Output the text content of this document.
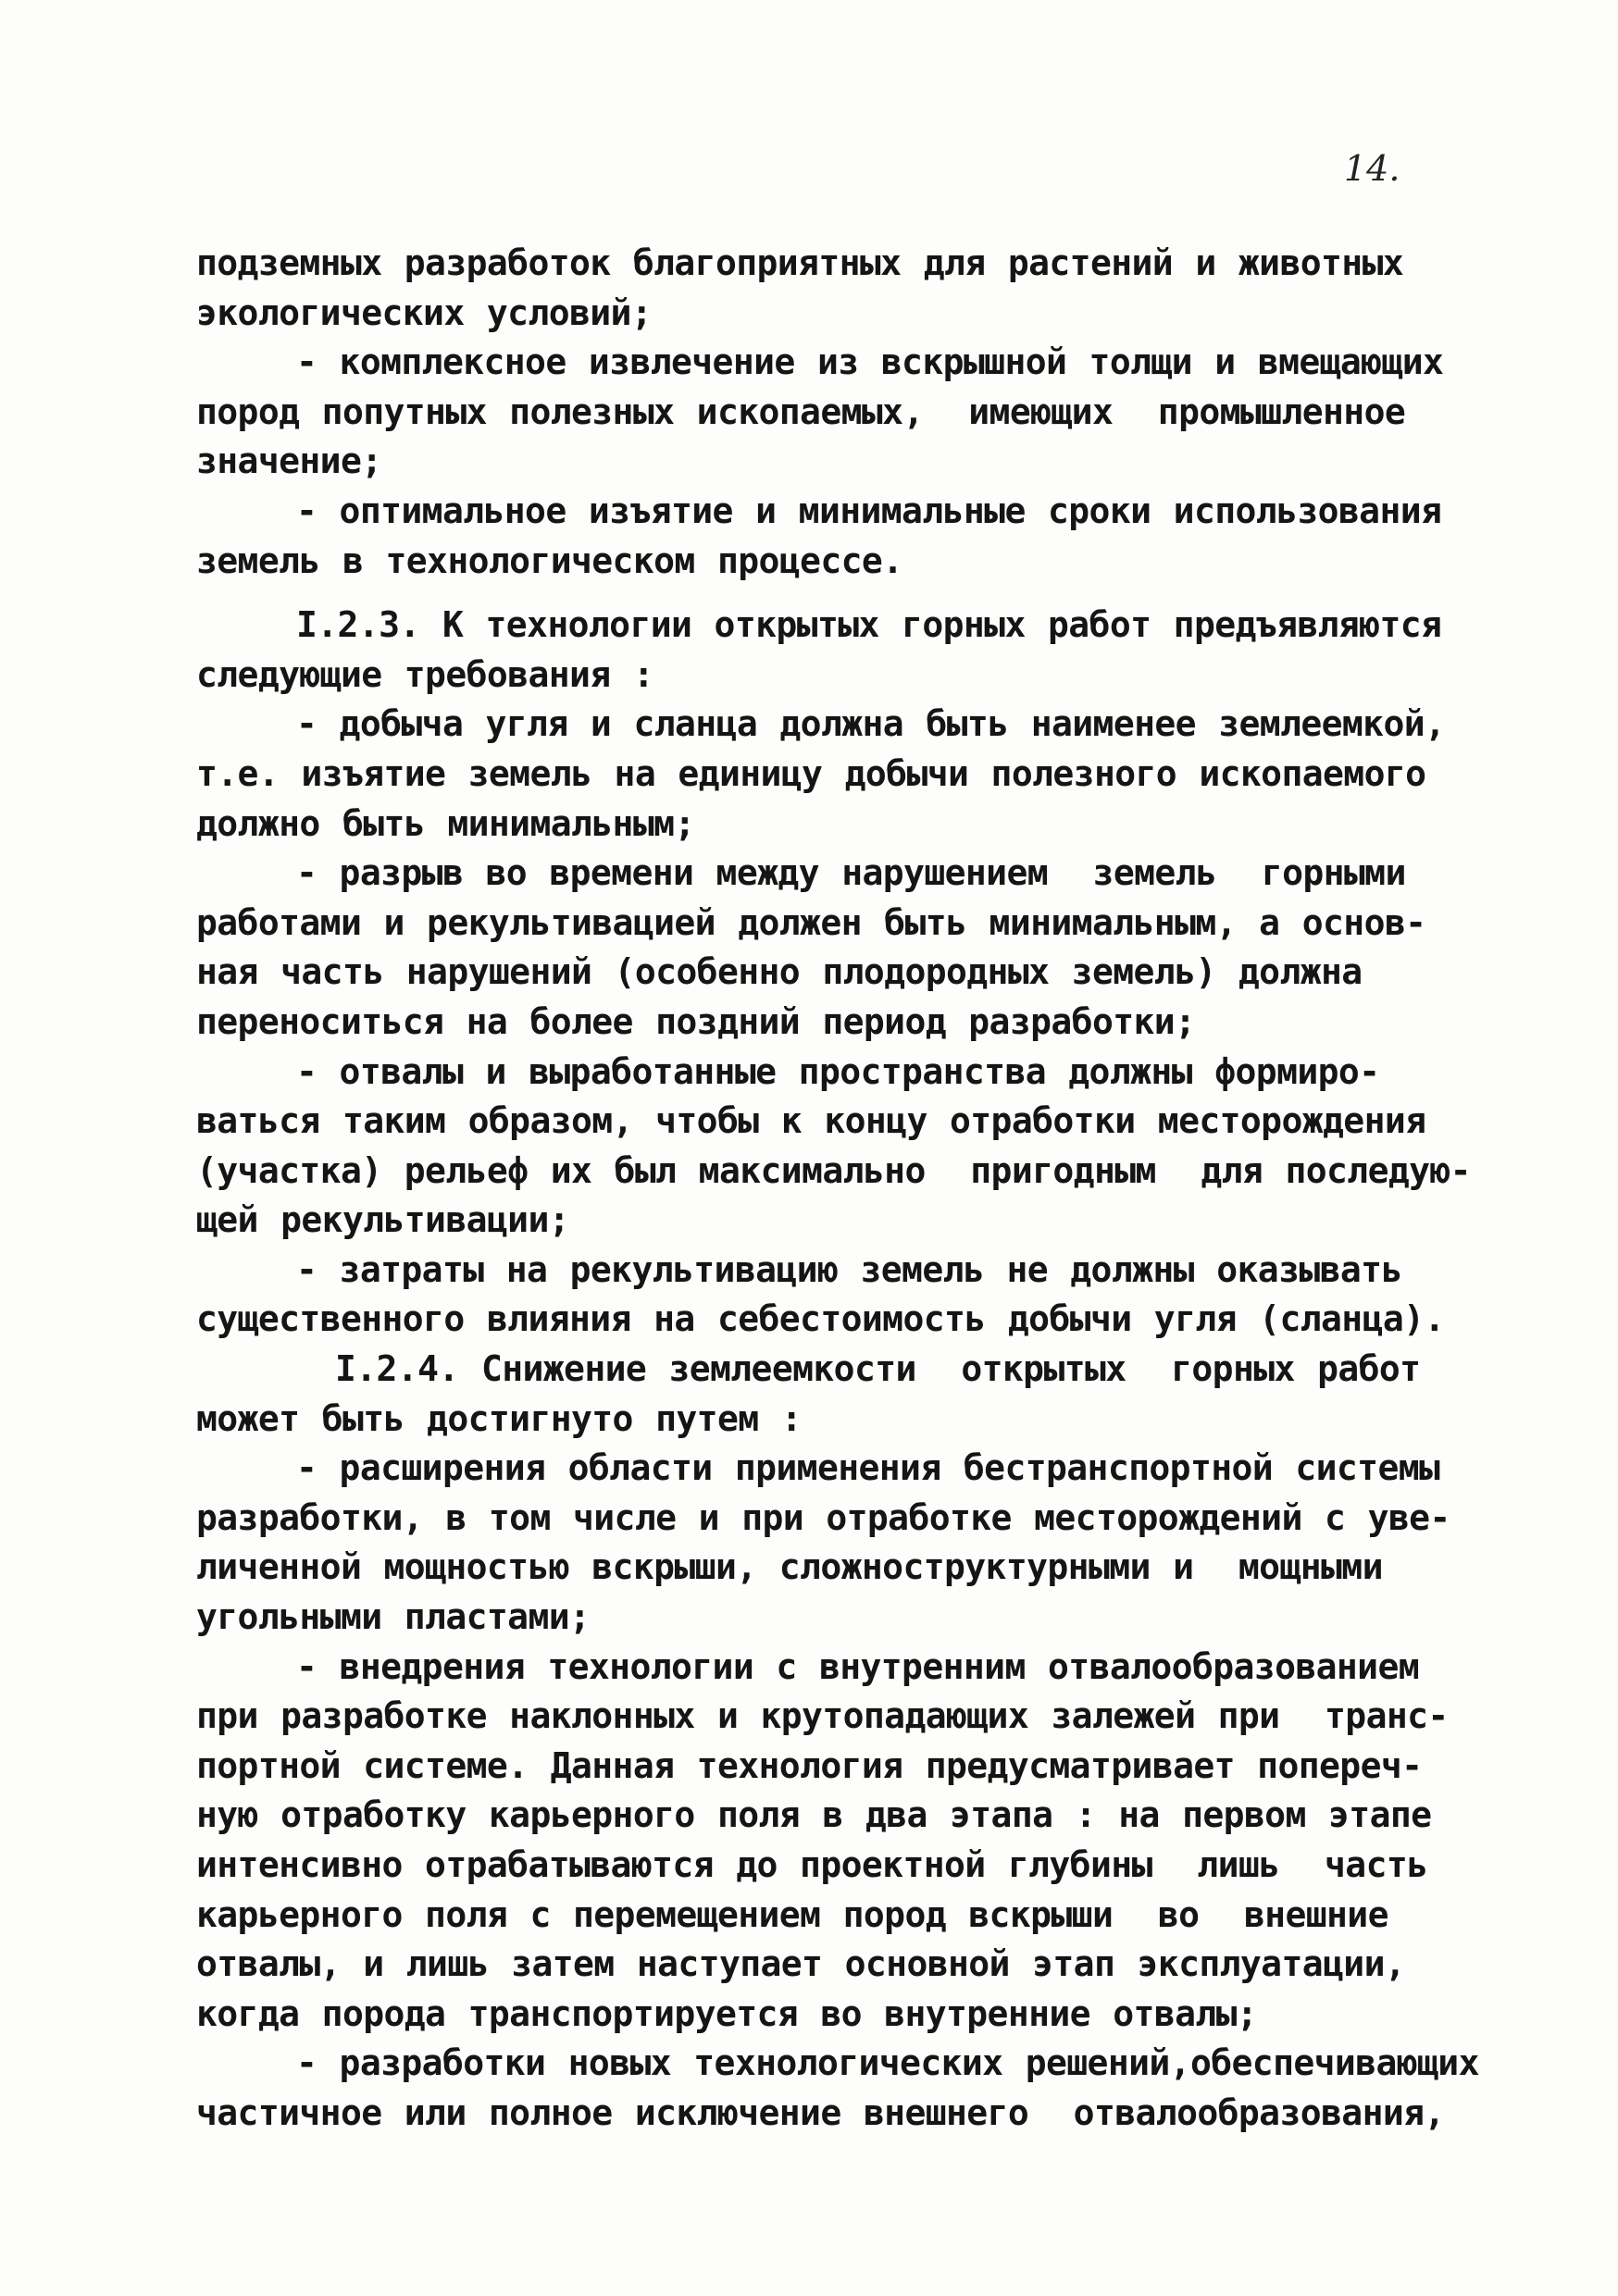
14.
подземных разработок благоприятных для растений и животных
экологических условий;
- комплексное извлечение из вскрышной толщи и вмещающих
пород попутных полезных ископаемых,  имеющих  промышленное
значение;
- оптимальное изъятие и минимальные сроки использования
земель в технологическом процессе.
I.2.3. К технологии открытых горных работ предъявляются
следующие требования :
- добыча угля и сланца должна быть наименее землеемкой,
т.е. изъятие земель на единицу добычи полезного ископаемого
должно быть минимальным;
- разрыв во времени между нарушением  земель  горными
работами и рекультивацией должен быть минимальным, а основ-
ная часть нарушений (особенно плодородных земель) должна
переноситься на более поздний период разработки;
- отвалы и выработанные пространства должны формиро-
ваться таким образом, чтобы к концу отработки месторождения
(участка) рельеф их был максимально  пригодным  для последую-
щей рекультивации;
- затраты на рекультивацию земель не должны оказывать
существенного влияния на себестоимость добычи угля (сланца).
I.2.4. Снижение землеемкости  открытых  горных работ
может быть достигнуто путем :
- расширения области применения бестранспортной системы
разработки, в том числе и при отработке месторождений с уве-
личенной мощностью вскрыши, сложноструктурными и  мощными
угольными пластами;
- внедрения технологии с внутренним отвалообразованием
при разработке наклонных и крутопадающих залежей при  транс-
портной системе. Данная технология предусматривает попереч-
ную отработку карьерного поля в два этапа : на первом этапе
интенсивно отрабатываются до проектной глубины  лишь  часть
карьерного поля с перемещением пород вскрыши  во  внешние
отвалы, и лишь затем наступает основной этап эксплуатации,
когда порода транспортируется во внутренние отвалы;
- разработки новых технологических решений,обеспечивающих
частичное или полное исключение внешнего  отвалообразования,
